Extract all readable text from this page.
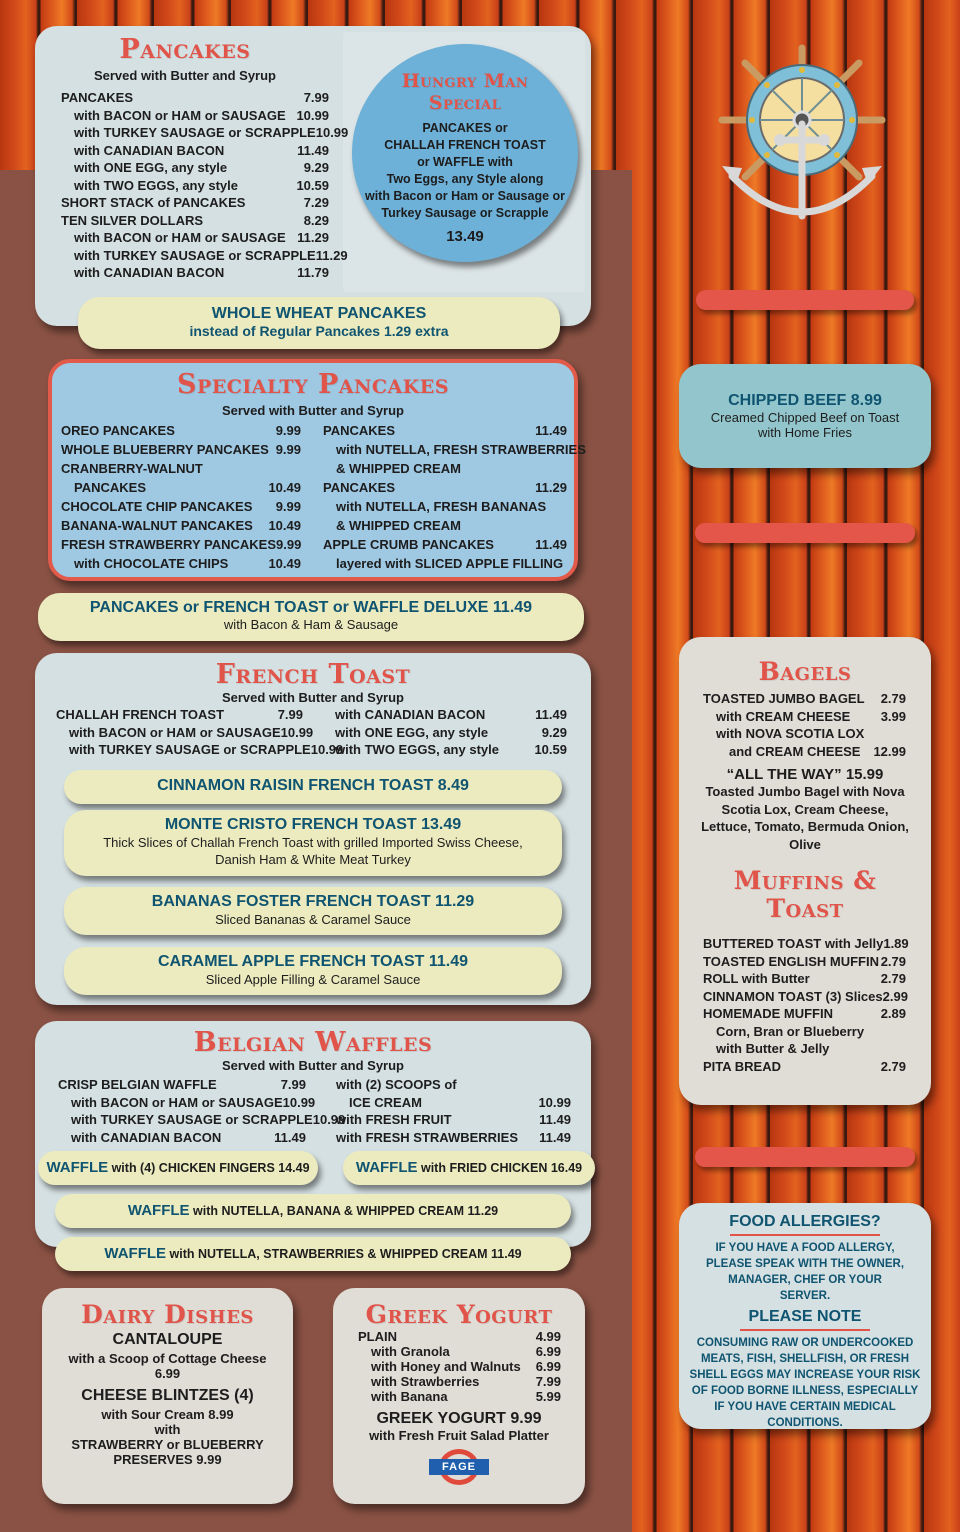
Pancakes
Served with Butter and Syrup
PANCAKES	7.99
with BACON or HAM or SAUSAGE 10.99
with TURKEY SAUSAGE or SCRAPPLE 10.99
with CANADIAN BACON	11.49
with ONE EGG, any style	9.29
with TWO EGGS, any style	10.59
SHORT STACK of PANCAKES	7.29
TEN SILVER DOLLARS	8.29
with BACON or HAM or SAUSAGE 11.29
with TURKEY SAUSAGE or SCRAPPLE 11.29
with CANADIAN BACON	11.79
Hungry Man
Special
PANCAKES or
CHALLAH FRENCH TOAST
or WAFFLE with
Two Eggs, any Style along
with Bacon or Ham or Sausage or
Turkey Sausage or Scrapple
13.49
WHOLE WHEAT PANCAKES
instead of Regular Pancakes 1.29 extra
Specialty Pancakes
Served with Butter and Syrup
OREO PANCAKES	9.99
WHOLE BLUEBERRY PANCAKES 9.99
CRANBERRY-WALNUT
PANCAKES	10.49
CHOCOLATE CHIP PANCAKES 9.99
BANANA-WALNUT PANCAKES 10.49
FRESH STRAWBERRY PANCAKES 9.99
with CHOCOLATE CHIPS	10.49
PANCAKES	11.49
with NUTELLA, FRESH STRAWBERRIES
& WHIPPED CREAM
PANCAKES	11.29
with NUTELLA, FRESH BANANAS
& WHIPPED CREAM
APPLE CRUMB PANCAKES	11.49
layered with SLICED APPLE FILLING
PANCAKES or FRENCH TOAST or WAFFLE DELUXE 11.49
with Bacon & Ham & Sausage
French Toast
Served with Butter and Syrup
CHALLAH FRENCH TOAST	7.99
with BACON or HAM or SAUSAGE 10.99
with TURKEY SAUSAGE or SCRAPPLE 10.99
with CANADIAN BACON	11.49
with ONE EGG, any style	9.29
with TWO EGGS, any style	10.59
CINNAMON RAISIN FRENCH TOAST 8.49
MONTE CRISTO FRENCH TOAST 13.49
Thick Slices of Challah French Toast with grilled Imported Swiss Cheese, Danish Ham & White Meat Turkey
BANANAS FOSTER FRENCH TOAST 11.29
Sliced Bananas & Caramel Sauce
CARAMEL APPLE FRENCH TOAST 11.49
Sliced Apple Filling & Caramel Sauce
Belgian Waffles
Served with Butter and Syrup
CRISP BELGIAN WAFFLE	7.99
with BACON or HAM or SAUSAGE 10.99
with TURKEY SAUSAGE or SCRAPPLE 10.99
with CANADIAN BACON	11.49
with (2) SCOOPS of
ICE CREAM	10.99
with FRESH FRUIT	11.49
with FRESH STRAWBERRIES 11.49
WAFFLE with (4) CHICKEN FINGERS 14.49	WAFFLE with FRIED CHICKEN 16.49
WAFFLE with NUTELLA, BANANA & WHIPPED CREAM 11.29
WAFFLE with NUTELLA, STRAWBERRIES & WHIPPED CREAM 11.49
Dairy Dishes
CANTALOUPE
with a Scoop of Cottage Cheese
6.99
CHEESE BLINTZES (4)
with Sour Cream 8.99
with
STRAWBERRY or BLUEBERRY
PRESERVES 9.99
Greek Yogurt
PLAIN	4.99
with Granola	6.99
with Honey and Walnuts 6.99
with Strawberries	7.99
with Banana	5.99
GREEK YOGURT 9.99
with Fresh Fruit Salad Platter
FAGE
CHIPPED BEEF 8.99
Creamed Chipped Beef on Toast
with Home Fries
Bagels
TOASTED JUMBO BAGEL 2.79
with CREAM CHEESE 3.99
with NOVA SCOTIA LOX
and CREAM CHEESE 12.99
“ALL THE WAY” 15.99
Toasted Jumbo Bagel with Nova Scotia Lox, Cream Cheese, Lettuce, Tomato, Bermuda Onion, Olive
Muffins &
Toast
BUTTERED TOAST with Jelly 1.89
TOASTED ENGLISH MUFFIN 2.79
ROLL with Butter	2.79
CINNAMON TOAST (3) Slices 2.99
HOMEMADE MUFFIN	2.89
Corn, Bran or Blueberry
with Butter & Jelly
PITA BREAD	2.79
FOOD ALLERGIES?
IF YOU HAVE A FOOD ALLERGY, PLEASE SPEAK WITH THE OWNER, MANAGER, CHEF OR YOUR SERVER.
PLEASE NOTE
CONSUMING RAW OR UNDERCOOKED MEATS, FISH, SHELLFISH, OR FRESH SHELL EGGS MAY INCREASE YOUR RISK OF FOOD BORNE ILLNESS, ESPECIALLY IF YOU HAVE CERTAIN MEDICAL CONDITIONS.
